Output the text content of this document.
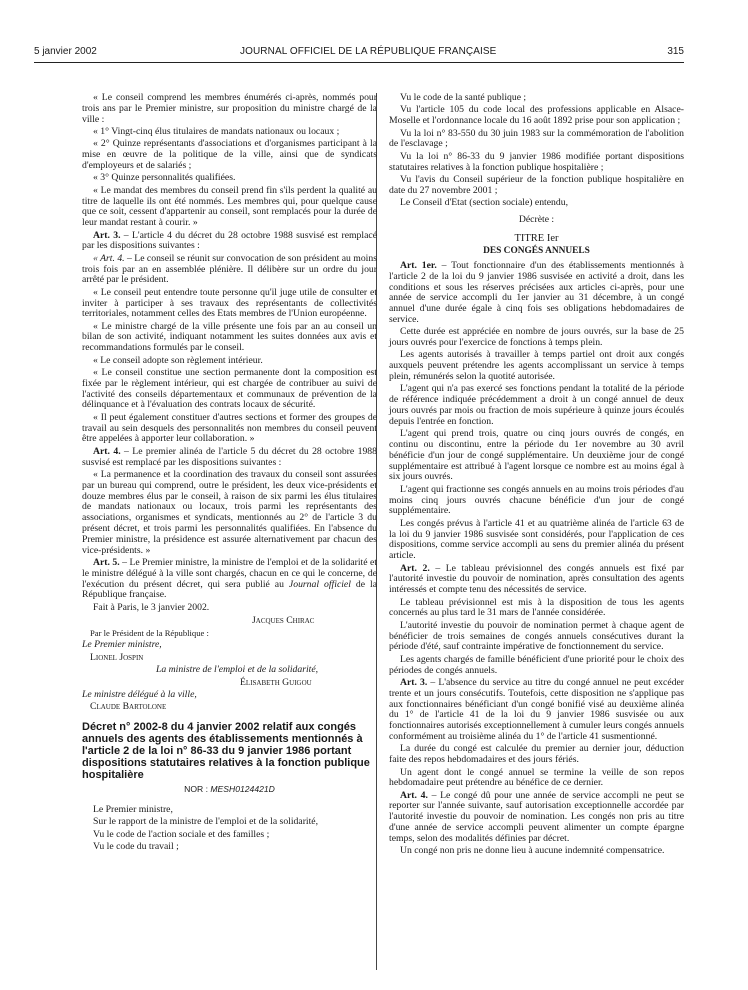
5 janvier 2002	JOURNAL OFFICIEL DE LA RÉPUBLIQUE FRANÇAISE	315

« Le conseil comprend les membres énumérés ci-après, nommés pour trois ans par le Premier ministre, sur proposition du ministre chargé de la ville :

« 1° Vingt-cinq élus titulaires de mandats nationaux ou locaux ;

« 2° Quinze représentants d'associations et d'organismes participant à la mise en œuvre de la politique de la ville, ainsi que de syndicats d'employeurs et de salariés ;

« 3° Quinze personnalités qualifiées.

« Le mandat des membres du conseil prend fin s'ils perdent la qualité au titre de laquelle ils ont été nommés. Les membres qui, pour quelque cause que ce soit, cessent d'appartenir au conseil, sont remplacés pour la durée de leur mandat restant à courir. »

Art. 3. – L'article 4 du décret du 28 octobre 1988 susvisé est remplacé par les dispositions suivantes :

« Art. 4. – Le conseil se réunit sur convocation de son président au moins trois fois par an en assemblée plénière. Il délibère sur un ordre du jour arrêté par le président.

« Le conseil peut entendre toute personne qu'il juge utile de consulter et inviter à participer à ses travaux des représentants de collectivités territoriales, notamment celles des Etats membres de l'Union européenne.

« Le ministre chargé de la ville présente une fois par an au conseil un bilan de son activité, indiquant notamment les suites données aux avis et recommandations formulés par le conseil.

« Le conseil adopte son règlement intérieur.

« Le conseil constitue une section permanente dont la composition est fixée par le règlement intérieur, qui est chargée de contribuer au suivi de l'activité des conseils départementaux et communaux de prévention de la délinquance et à l'évaluation des contrats locaux de sécurité.

« Il peut également constituer d'autres sections et former des groupes de travail au sein desquels des personnalités non membres du conseil peuvent être appelées à apporter leur collaboration. »

Art. 4. – Le premier alinéa de l'article 5 du décret du 28 octobre 1988 susvisé est remplacé par les dispositions suivantes :

« La permanence et la coordination des travaux du conseil sont assurées par un bureau qui comprend, outre le président, les deux vice-présidents et douze membres élus par le conseil, à raison de six parmi les élus titulaires de mandats nationaux ou locaux, trois parmi les représentants des associations, organismes et syndicats, mentionnés au 2° de l'article 3 du présent décret, et trois parmi les personnalités qualifiées. En l'absence du Premier ministre, la présidence est assurée alternativement par chacun des vice-présidents. »

Art. 5. – Le Premier ministre, la ministre de l'emploi et de la solidarité et le ministre délégué à la ville sont chargés, chacun en ce qui le concerne, de l'exécution du présent décret, qui sera publié au Journal officiel de la République française.

Fait à Paris, le 3 janvier 2002.

Jacques Chirac

Par le Président de la République :

Le Premier ministre,

Lionel Jospin

La ministre de l'emploi et de la solidarité,

Élisabeth Guigou

Le ministre délégué à la ville,

Claude Bartolone

Décret n° 2002-8 du 4 janvier 2002 relatif aux congés annuels des agents des établissements mentionnés à l'article 2 de la loi n° 86-33 du 9 janvier 1986 portant dispositions statutaires relatives à la fonction publique hospitalière

NOR : MESH0124421D

Le Premier ministre,

Sur le rapport de la ministre de l'emploi et de la solidarité,

Vu le code de l'action sociale et des familles ;

Vu le code du travail ;

Vu le code de la santé publique ;

Vu l'article 105 du code local des professions applicable en Alsace-Moselle et l'ordonnance locale du 16 août 1892 prise pour son application ;

Vu la loi n° 83-550 du 30 juin 1983 sur la commémoration de l'abolition de l'esclavage ;

Vu la loi n° 86-33 du 9 janvier 1986 modifiée portant dispositions statutaires relatives à la fonction publique hospitalière ;

Vu l'avis du Conseil supérieur de la fonction publique hospitalière en date du 27 novembre 2001 ;

Le Conseil d'Etat (section sociale) entendu,

Décrète :

TITRE Ier

DES CONGÉS ANNUELS

Art. 1er. – Tout fonctionnaire d'un des établissements mentionnés à l'article 2 de la loi du 9 janvier 1986 susvisée en activité a droit, dans les conditions et sous les réserves précisées aux articles ci-après, pour une année de service accompli du 1er janvier au 31 décembre, à un congé annuel d'une durée égale à cinq fois ses obligations hebdomadaires de service.

Cette durée est appréciée en nombre de jours ouvrés, sur la base de 25 jours ouvrés pour l'exercice de fonctions à temps plein.

Les agents autorisés à travailler à temps partiel ont droit aux congés auxquels peuvent prétendre les agents accomplissant un service à temps plein, rémunérés selon la quotité autorisée.

L'agent qui n'a pas exercé ses fonctions pendant la totalité de la période de référence indiquée précédemment a droit à un congé annuel de deux jours ouvrés par mois ou fraction de mois supérieure à quinze jours écoulés depuis l'entrée en fonction.

L'agent qui prend trois, quatre ou cinq jours ouvrés de congés, en continu ou discontinu, entre la période du 1er novembre au 30 avril bénéficie d'un jour de congé supplémentaire. Un deuxième jour de congé supplémentaire est attribué à l'agent lorsque ce nombre est au moins égal à six jours ouvrés.

L'agent qui fractionne ses congés annuels en au moins trois périodes d'au moins cinq jours ouvrés chacune bénéficie d'un jour de congé supplémentaire.

Les congés prévus à l'article 41 et au quatrième alinéa de l'article 63 de la loi du 9 janvier 1986 susvisée sont considérés, pour l'application de ces dispositions, comme service accompli au sens du premier alinéa du présent article.

Art. 2. – Le tableau prévisionnel des congés annuels est fixé par l'autorité investie du pouvoir de nomination, après consultation des agents intéressés et compte tenu des nécessités de service.

Le tableau prévisionnel est mis à la disposition de tous les agents concernés au plus tard le 31 mars de l'année considérée.

L'autorité investie du pouvoir de nomination permet à chaque agent de bénéficier de trois semaines de congés annuels consécutives durant la période d'été, sauf contrainte impérative de fonctionnement du service.

Les agents chargés de famille bénéficient d'une priorité pour le choix des périodes de congés annuels.

Art. 3. – L'absence du service au titre du congé annuel ne peut excéder trente et un jours consécutifs. Toutefois, cette disposition ne s'applique pas aux fonctionnaires bénéficiant d'un congé bonifié visé au deuxième alinéa du 1° de l'article 41 de la loi du 9 janvier 1986 susvisée ou aux fonctionnaires autorisés exceptionnellement à cumuler leurs congés annuels conformément au troisième alinéa du 1° de l'article 41 susmentionné.

La durée du congé est calculée du premier au dernier jour, déduction faite des repos hebdomadaires et des jours fériés.

Un agent dont le congé annuel se termine la veille de son repos hebdomadaire peut prétendre au bénéfice de ce dernier.

Art. 4. – Le congé dû pour une année de service accompli ne peut se reporter sur l'année suivante, sauf autorisation exceptionnelle accordée par l'autorité investie du pouvoir de nomination. Les congés non pris au titre d'une année de service accompli peuvent alimenter un compte épargne temps, selon des modalités définies par décret.

Un congé non pris ne donne lieu à aucune indemnité compensatrice.
